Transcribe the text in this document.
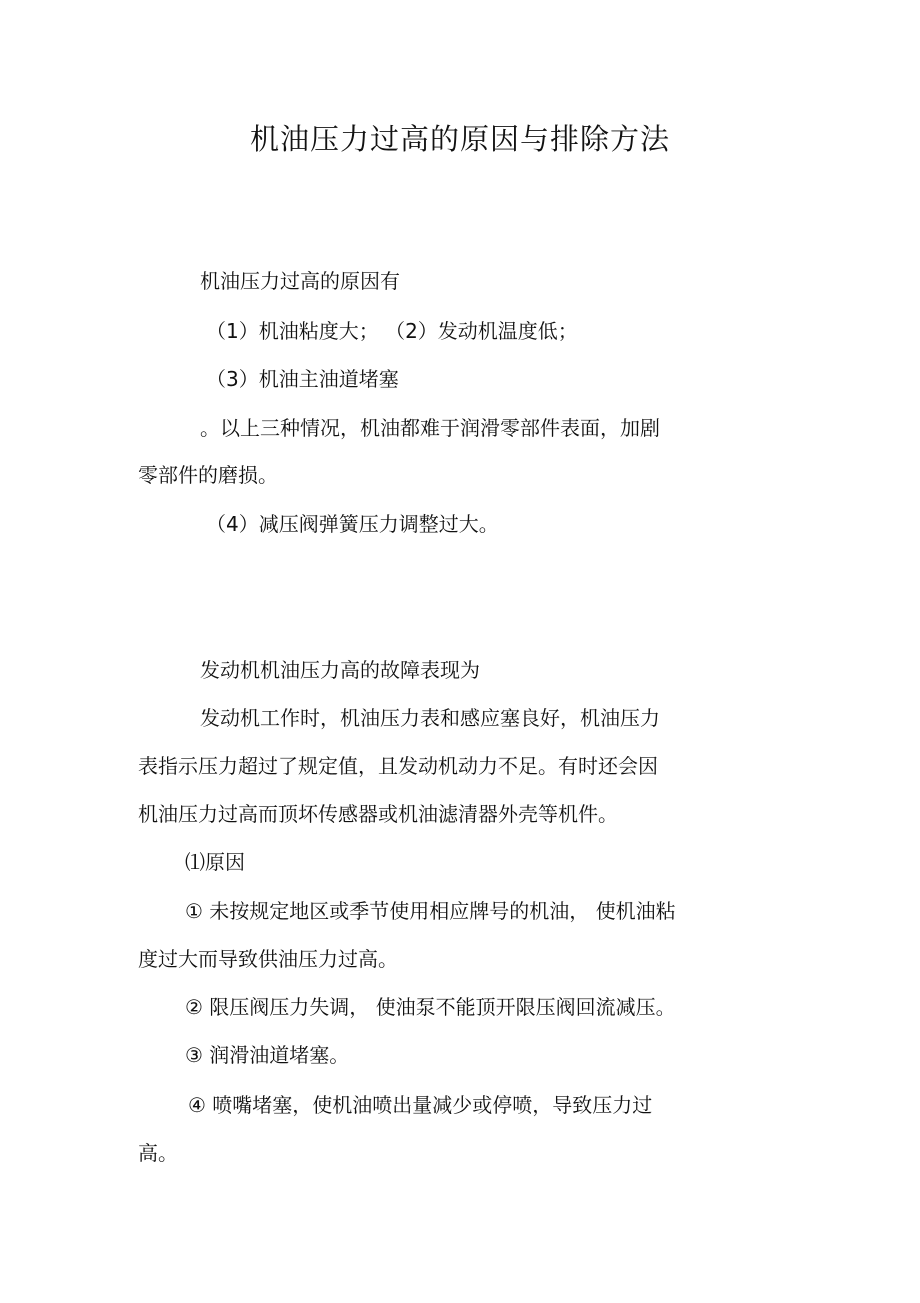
机油压力过高的原因与排除方法
机油压力过高的原因有
（1）机油粘度大； （2）发动机温度低；
（3）机油主油道堵塞
。以上三种情况，机油都难于润滑零部件表面，加剧
零部件的磨损。
（4）减压阀弹簧压力调整过大。
发动机机油压力高的故障表现为
发动机工作时，机油压力表和感应塞良好，机油压力
表指示压力超过了规定值，且发动机动力不足。有时还会因
机油压力过高而顶坏传感器或机油滤清器外壳等机件。
⑴原因
① 未按规定地区或季节使用相应牌号的机油， 使机油粘
度过大而导致供油压力过高。
② 限压阀压力失调， 使油泵不能顶开限压阀回流减压。
③ 润滑油道堵塞。
④ 喷嘴堵塞，使机油喷出量减少或停喷，导致压力过
高。
